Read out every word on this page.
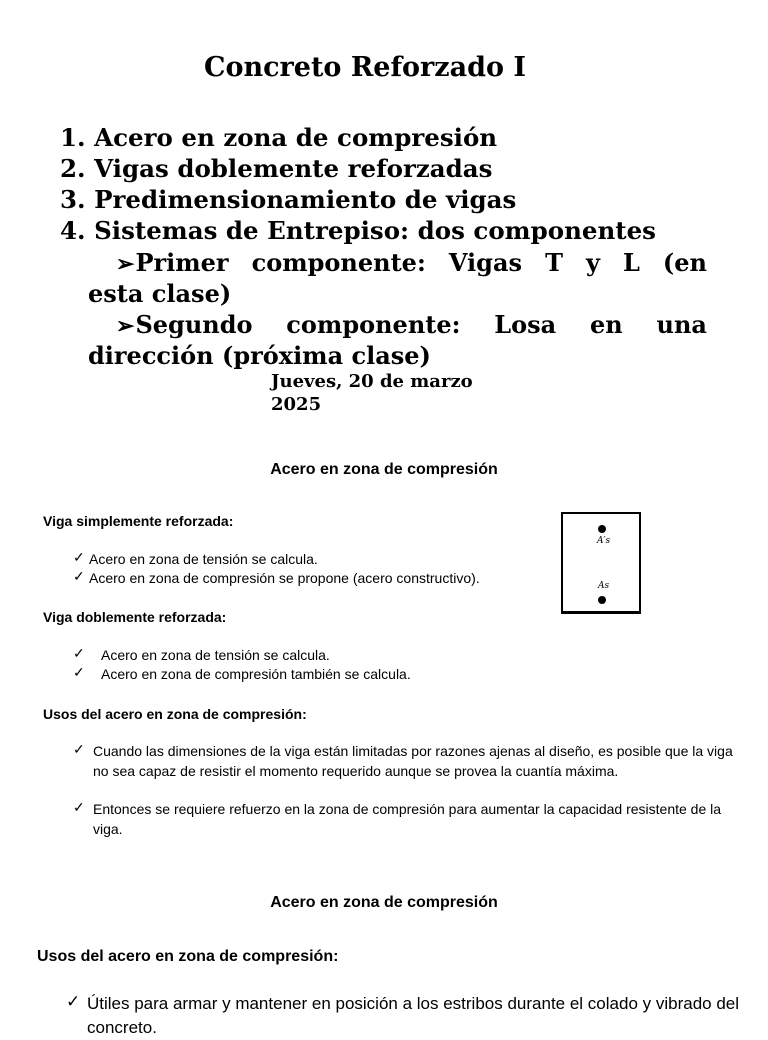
Concreto Reforzado I
1. Acero en zona de compresión
2. Vigas doblemente reforzadas
3. Predimensionamiento de vigas
4. Sistemas de Entrepiso: dos componentes
➢ Primer componente: Vigas T y L (en
esta clase)
➢ Segundo componente: Losa en una
dirección (próxima clase)
Jueves, 20 de marzo
2025
Acero en zona de compresión
Viga simplemente reforzada:
✓ Acero en zona de tensión se calcula.
✓ Acero en zona de compresión se propone (acero constructivo).
A′s
As
Viga doblemente reforzada:
✓ Acero en zona de tensión se calcula.
✓ Acero en zona de compresión también se calcula.
Usos del acero en zona de compresión:
✓ Cuando las dimensiones de la viga están limitadas por razones ajenas al diseño, es posible que la viga no sea capaz de resistir el momento requerido aunque se provea la cuantía máxima.
✓ Entonces se requiere refuerzo en la zona de compresión para aumentar la capacidad resistente de la viga.
Acero en zona de compresión
Usos del acero en zona de compresión:
✓ Útiles para armar y mantener en posición a los estribos durante el colado y vibrado del concreto.
